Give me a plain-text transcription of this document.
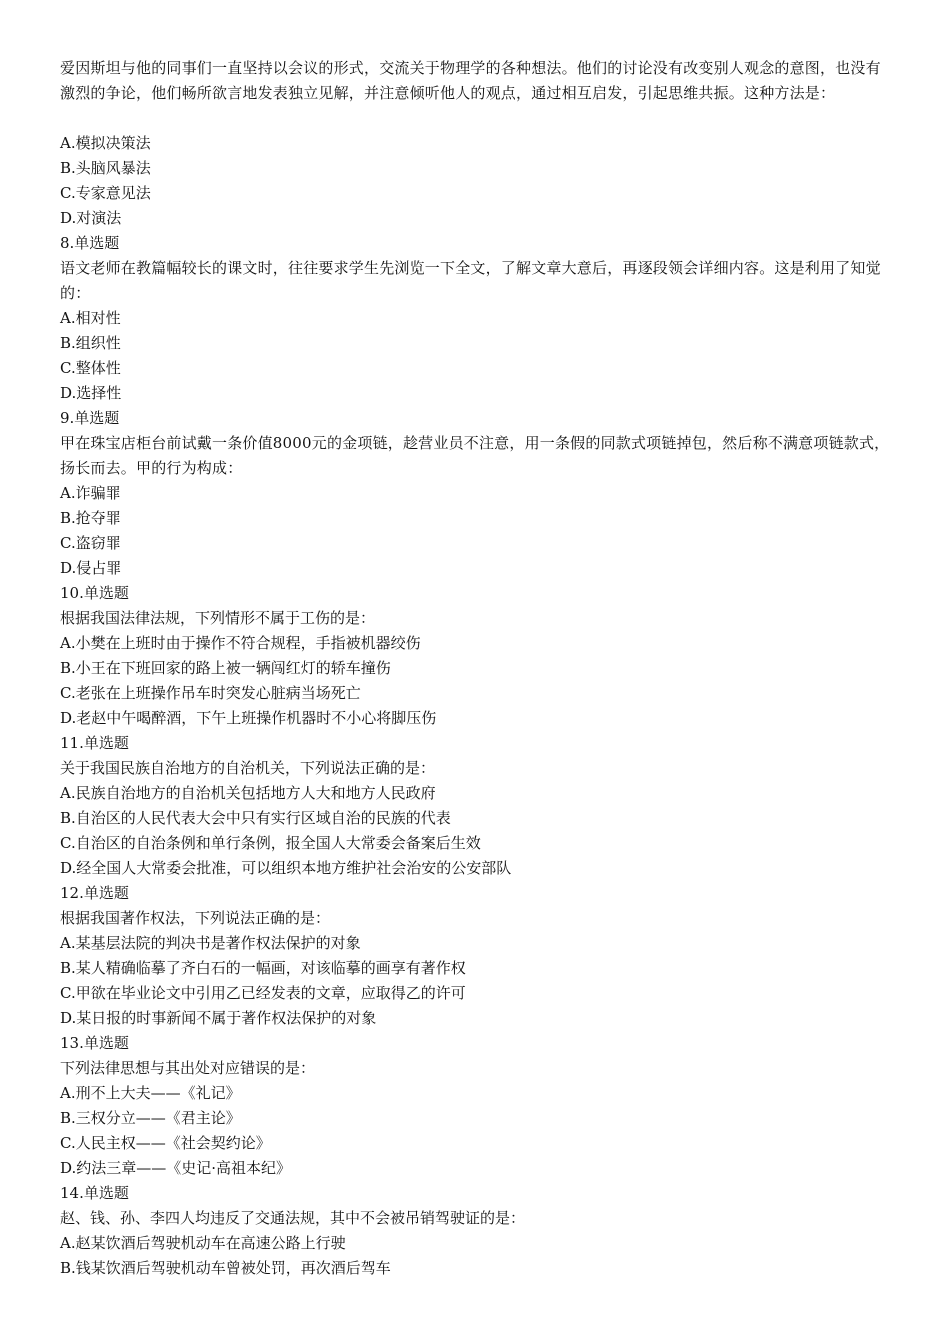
爱因斯坦与他的同事们一直坚持以会议的形式，交流关于物理学的各种想法。他们的讨论没有改变别人观念的意图，也没有激烈的争论，他们畅所欲言地发表独立见解，并注意倾听他人的观点，通过相互启发，引起思维共振。这种方法是：
A.模拟决策法
B.头脑风暴法
C.专家意见法
D.对演法
8.单选题
语文老师在教篇幅较长的课文时，往往要求学生先浏览一下全文，了解文章大意后，再逐段领会详细内容。这是利用了知觉的：
A.相对性
B.组织性
C.整体性
D.选择性
9.单选题
甲在珠宝店柜台前试戴一条价值8000元的金项链，趁营业员不注意，用一条假的同款式项链掉包，然后称不满意项链款式，扬长而去。甲的行为构成：
A.诈骗罪
B.抢夺罪
C.盗窃罪
D.侵占罪
10.单选题
根据我国法律法规，下列情形不属于工伤的是：
A.小樊在上班时由于操作不符合规程，手指被机器绞伤
B.小王在下班回家的路上被一辆闯红灯的轿车撞伤
C.老张在上班操作吊车时突发心脏病当场死亡
D.老赵中午喝醉酒，下午上班操作机器时不小心将脚压伤
11.单选题
关于我国民族自治地方的自治机关，下列说法正确的是：
A.民族自治地方的自治机关包括地方人大和地方人民政府
B.自治区的人民代表大会中只有实行区域自治的民族的代表
C.自治区的自治条例和单行条例，报全国人大常委会备案后生效
D.经全国人大常委会批准，可以组织本地方维护社会治安的公安部队
12.单选题
根据我国著作权法，下列说法正确的是：
A.某基层法院的判决书是著作权法保护的对象
B.某人精确临摹了齐白石的一幅画，对该临摹的画享有著作权
C.甲欲在毕业论文中引用乙已经发表的文章，应取得乙的许可
D.某日报的时事新闻不属于著作权法保护的对象
13.单选题
下列法律思想与其出处对应错误的是：
A.刑不上大夫——《礼记》
B.三权分立——《君主论》
C.人民主权——《社会契约论》
D.约法三章——《史记·高祖本纪》
14.单选题
赵、钱、孙、李四人均违反了交通法规，其中不会被吊销驾驶证的是：
A.赵某饮酒后驾驶机动车在高速公路上行驶
B.钱某饮酒后驾驶机动车曾被处罚，再次酒后驾车
